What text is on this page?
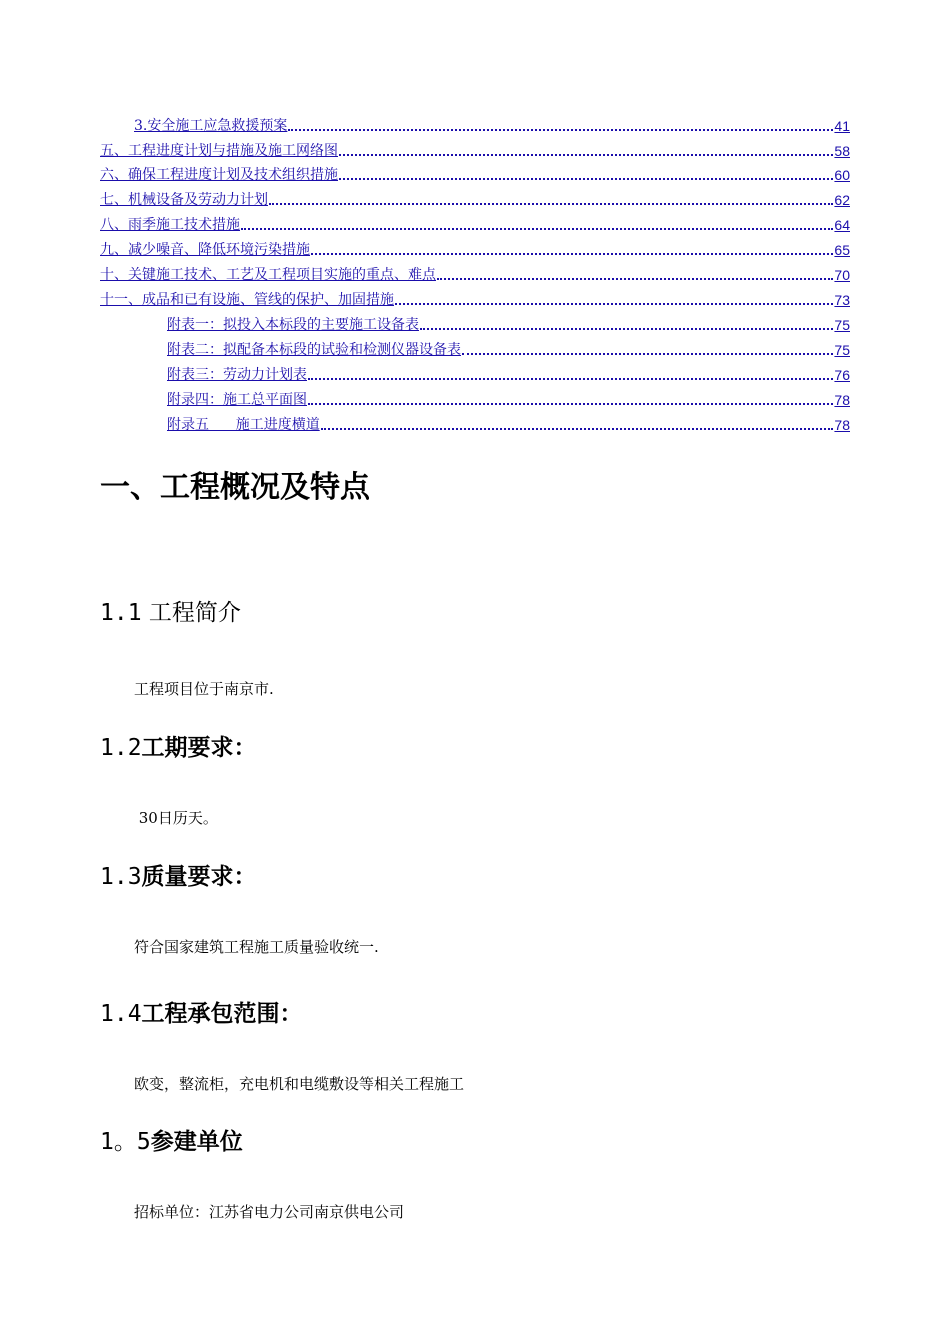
3.安全施工应急救援预案	41
五、工程进度计划与措施及施工网络图	58
六、确保工程进度计划及技术组织措施	60
七、机械设备及劳动力计划	62
八、雨季施工技术措施	64
九、减少噪音、降低环境污染措施	65
十、关键施工技术、工艺及工程项目实施的重点、难点	70
十一、成品和已有设施、管线的保护、加固措施	73
附表一：拟投入本标段的主要施工设备表	75
附表二：拟配备本标段的试验和检测仪器设备表	75
附表三：劳动力计划表	76
附录四：施工总平面图	78
附录五      施工进度横道	78
一、工程概况及特点
1.1 工程简介
工程项目位于南京市.
1.2工期要求：
30日历天。
1.3质量要求：
符合国家建筑工程施工质量验收统一.
1.4工程承包范围：
欧变，整流柜，充电机和电缆敷设等相关工程施工
1。5参建单位
招标单位：江苏省电力公司南京供电公司
